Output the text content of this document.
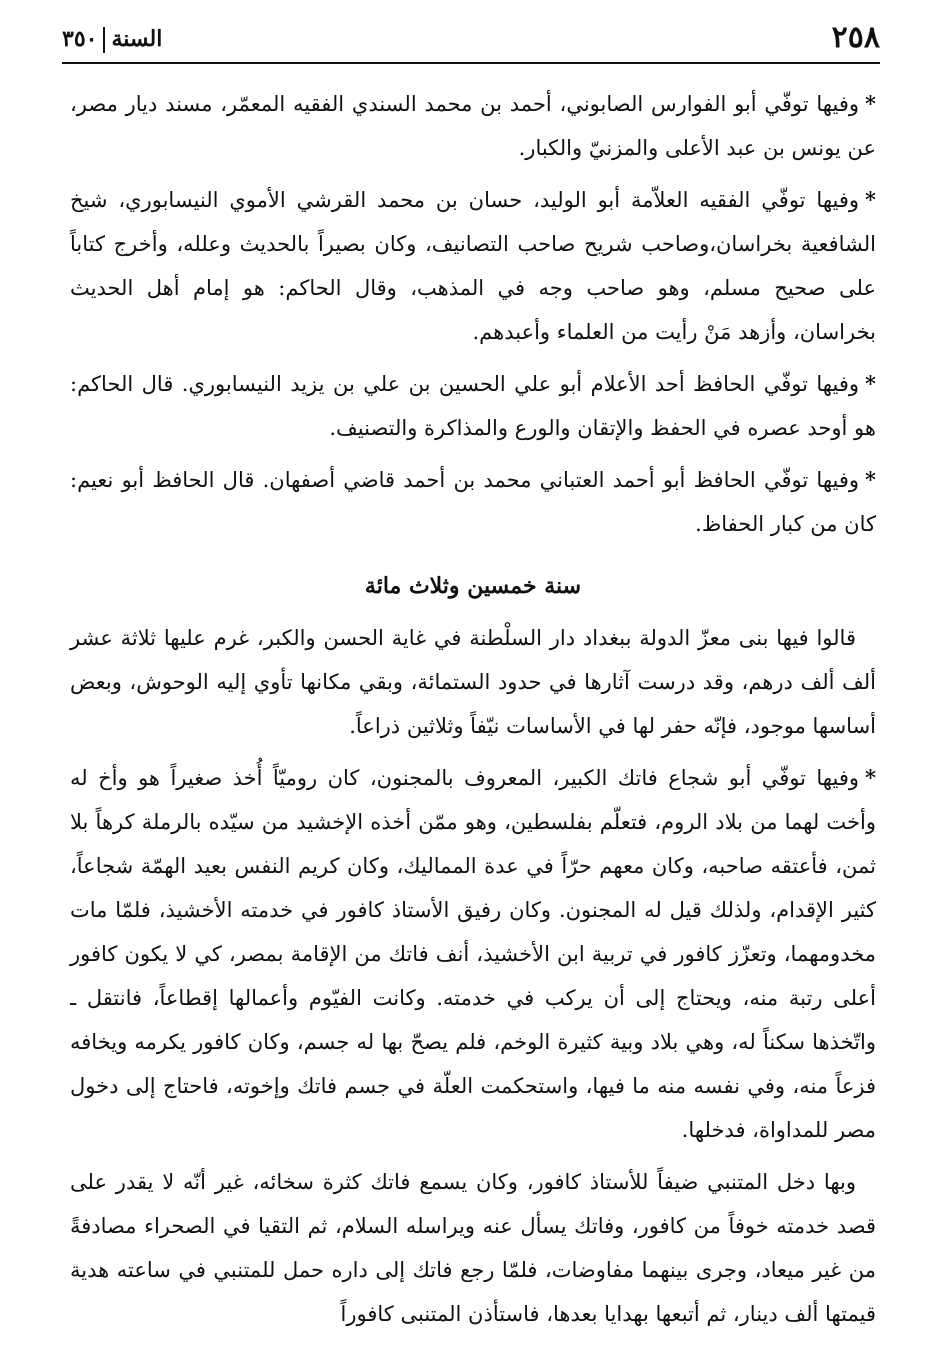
٢٥٨
السنة٣٥٠

*وفيها توفّي أبو الفوارس الصابوني، أحمد بن محمد السندي الفقيه المعمّر، مسند ديار مصر، عن يونس بن عبد الأعلى والمزنيّ والكبار.

*وفيها توفّي الفقيه العلاّمة أبو الوليد، حسان بن محمد القرشي الأموي النيسابوري، شيخ الشافعية بخراسان،وصاحب شريح صاحب التصانيف، وكان بصيراً بالحديث وعلله، وأخرج كتاباً على صحيح مسلم، وهو صاحب وجه في المذهب، وقال الحاكم: هو إمام أهل الحديث بخراسان، وأزهد مَنْ رأيت من العلماء وأعبدهم.

*وفيها توفّي الحافظ أحد الأعلام أبو علي الحسين بن علي بن يزيد النيسابوري. قال الحاكم: هو أوحد عصره في الحفظ والإتقان والورع والمذاكرة والتصنيف.

*وفيها توفّي الحافظ أبو أحمد العتباني محمد بن أحمد قاضي أصفهان. قال الحافظ أبو نعيم: كان من كبار الحفاظ.

سنة خمسين وثلاث مائة

قالوا فيها بنى معزّ الدولة ببغداد دار السلْطنة في غاية الحسن والكبر، غرم عليها ثلاثة عشر ألف ألف درهم، وقد درست آثارها في حدود الستمائة، وبقي مكانها تأوي إليه الوحوش، وبعض أساسها موجود، فإنّه حفر لها في الأساسات نيّفاً وثلاثين ذراعاً.

*وفيها توفّي أبو شجاع فاتك الكبير، المعروف بالمجنون، كان روميّاً أُخذ صغيراً هو وأخ له وأخت لهما من بلاد الروم، فتعلّم بفلسطين، وهو ممّن أخذه الإخشيد من سيّده بالرملة كرهاً بلا ثمن، فأعتقه صاحبه، وكان معهم حرّاً في عدة المماليك، وكان كريم النفس بعيد الهمّة شجاعاً، كثير الإقدام، ولذلك قيل له المجنون. وكان رفيق الأستاذ كافور في خدمته الأخشيذ، فلمّا مات مخدومهما، وتعزّز كافور في تربية ابن الأخشيذ، أنف فاتك من الإقامة بمصر، كي لا يكون كافور أعلى رتبة منه، ويحتاج إلى أن يركب في خدمته. وكانت الفيّوم وأعمالها إقطاعاً، فانتقل ـ واتّخذها سكناً له، وهي بلاد وبية كثيرة الوخم، فلم يصحّ بها له جسم، وكان كافور يكرمه ويخافه فزعاً منه، وفي نفسه منه ما فيها، واستحكمت العلّة في جسم فاتك وإخوته، فاحتاج إلى دخول مصر للمداواة، فدخلها.

وبها دخل المتنبي ضيفاً للأستاذ كافور، وكان يسمع فاتك كثرة سخائه، غير أنّه لا يقدر على قصد خدمته خوفاً من كافور، وفاتك يسأل عنه ويراسله السلام، ثم التقيا في الصحراء مصادفةً من غير ميعاد، وجرى بينهما مفاوضات، فلمّا رجع فاتك إلى داره حمل للمتنبي في ساعته هدية قيمتها ألف دينار، ثم أتبعها بهدايا بعدها، فاستأذن المتنبى كافوراً
